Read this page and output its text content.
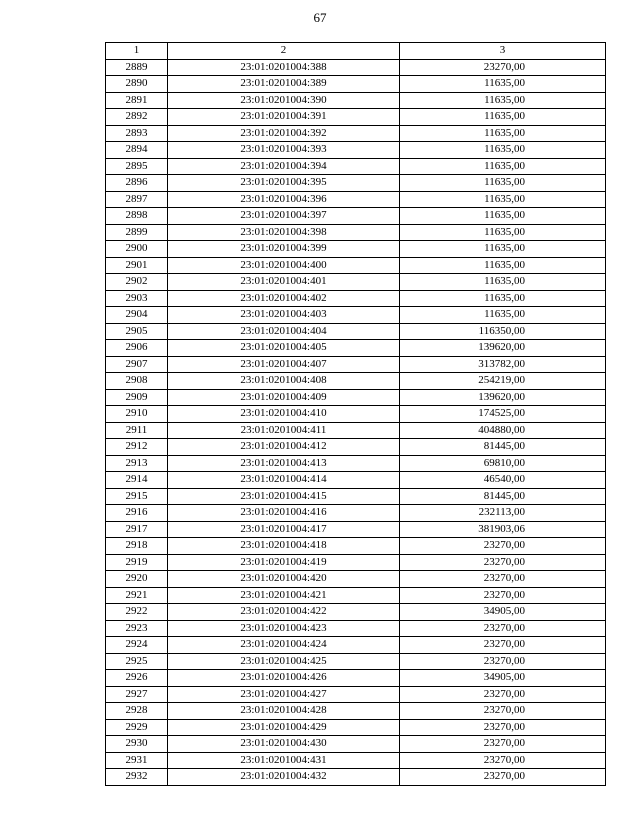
67
1	2	3
2889	23:01:0201004:388	23270,00
2890	23:01:0201004:389	11635,00
2891	23:01:0201004:390	11635,00
2892	23:01:0201004:391	11635,00
2893	23:01:0201004:392	11635,00
2894	23:01:0201004:393	11635,00
2895	23:01:0201004:394	11635,00
2896	23:01:0201004:395	11635,00
2897	23:01:0201004:396	11635,00
2898	23:01:0201004:397	11635,00
2899	23:01:0201004:398	11635,00
2900	23:01:0201004:399	11635,00
2901	23:01:0201004:400	11635,00
2902	23:01:0201004:401	11635,00
2903	23:01:0201004:402	11635,00
2904	23:01:0201004:403	11635,00
2905	23:01:0201004:404	116350,00
2906	23:01:0201004:405	139620,00
2907	23:01:0201004:407	313782,00
2908	23:01:0201004:408	254219,00
2909	23:01:0201004:409	139620,00
2910	23:01:0201004:410	174525,00
2911	23:01:0201004:411	404880,00
2912	23:01:0201004:412	81445,00
2913	23:01:0201004:413	69810,00
2914	23:01:0201004:414	46540,00
2915	23:01:0201004:415	81445,00
2916	23:01:0201004:416	232113,00
2917	23:01:0201004:417	381903,06
2918	23:01:0201004:418	23270,00
2919	23:01:0201004:419	23270,00
2920	23:01:0201004:420	23270,00
2921	23:01:0201004:421	23270,00
2922	23:01:0201004:422	34905,00
2923	23:01:0201004:423	23270,00
2924	23:01:0201004:424	23270,00
2925	23:01:0201004:425	23270,00
2926	23:01:0201004:426	34905,00
2927	23:01:0201004:427	23270,00
2928	23:01:0201004:428	23270,00
2929	23:01:0201004:429	23270,00
2930	23:01:0201004:430	23270,00
2931	23:01:0201004:431	23270,00
2932	23:01:0201004:432	23270,00
